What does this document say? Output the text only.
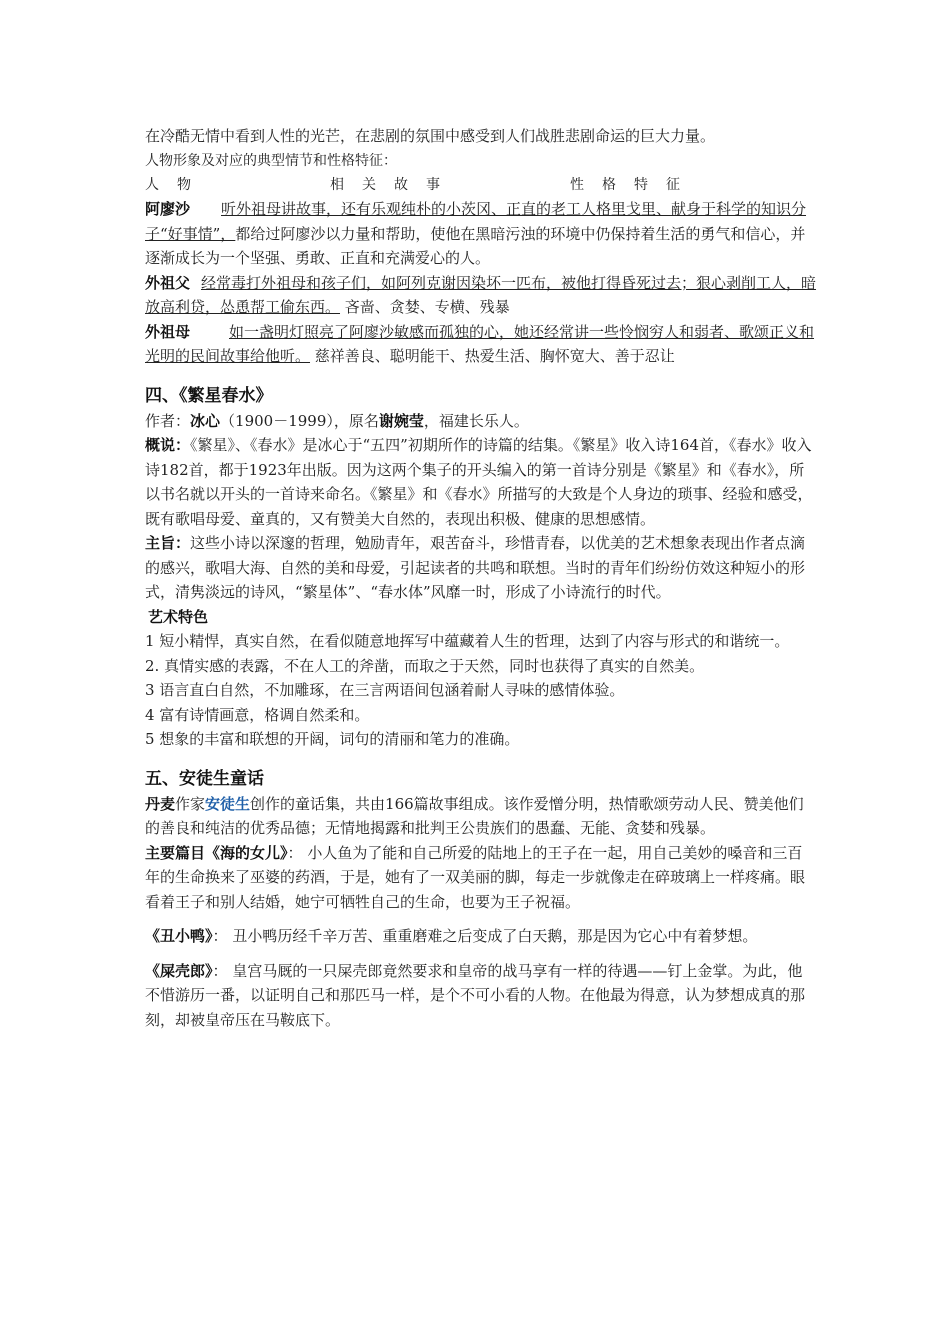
在冷酷无情中看到人性的光芒，在悲剧的氛围中感受到人们战胜悲剧命运的巨大力量。

人物形象及对应的典型情节和性格特征：

人物	相关故事	性格特征

阿廖沙 听外祖母讲故事，还有乐观纯朴的小茨冈、正直的老工人格里戈里、献身于科学的知识分子“好事情”，都给过阿廖沙以力量和帮助，使他在黑暗污浊的环境中仍保持着生活的勇气和信心，并逐渐成长为一个坚强、勇敢、正直和充满爱心的人。

外祖父 经常毒打外祖母和孩子们，如阿列克谢因染坏一匹布，被他打得昏死过去；狠心剥削工人，暗放高利贷，怂恿帮工偷东西。 吝啬、贪婪、专横、残暴

外祖母	如一盏明灯照亮了阿廖沙敏感而孤独的心，她还经常讲一些怜悯穷人和弱者、歌颂正义和光明的民间故事给他听。 慈祥善良、聪明能干、热爱生活、胸怀宽大、善于忍让

四、《繁星春水》

作者：冰心（1900－1999），原名谢婉莹，福建长乐人。

概说：《繁星》、《春水》是冰心于“五四”初期所作的诗篇的结集。《繁星》收入诗164首，《春水》收入诗182首，都于1923年出版。因为这两个集子的开头编入的第一首诗分别是《繁星》和《春水》，所以书名就以开头的一首诗来命名。《繁星》和《春水》所描写的大致是个人身边的琐事、经验和感受，既有歌唱母爱、童真的，又有赞美大自然的，表现出积极、健康的思想感情。

主旨：这些小诗以深邃的哲理，勉励青年，艰苦奋斗，珍惜青春，以优美的艺术想象表现出作者点滴的感兴，歌唱大海、自然的美和母爱，引起读者的共鸣和联想。当时的青年们纷纷仿效这种短小的形式，清隽淡远的诗风，“繁星体”、“春水体”风靡一时，形成了小诗流行的时代。

艺术特色

1 短小精悍，真实自然，在看似随意地挥写中蕴藏着人生的哲理，达到了内容与形式的和谐统一。

2. 真情实感的表露，不在人工的斧凿，而取之于天然，同时也获得了真实的自然美。

3 语言直白自然，不加雕琢，在三言两语间包涵着耐人寻味的感情体验。

4 富有诗情画意，格调自然柔和。

5 想象的丰富和联想的开阔，词句的清丽和笔力的准确。

五、安徒生童话

丹麦作家安徒生创作的童话集，共由166篇故事组成。该作爱憎分明，热情歌颂劳动人民、赞美他们的善良和纯洁的优秀品德；无情地揭露和批判王公贵族们的愚蠢、无能、贪婪和残暴。

主要篇目《海的女儿》： 小人鱼为了能和自己所爱的陆地上的王子在一起，用自己美妙的嗓音和三百年的生命换来了巫婆的药酒，于是，她有了一双美丽的脚，每走一步就像走在碎玻璃上一样疼痛。眼看着王子和别人结婚，她宁可牺牲自己的生命，也要为王子祝福。

《丑小鸭》： 丑小鸭历经千辛万苦、重重磨难之后变成了白天鹅，那是因为它心中有着梦想。

《屎壳郎》： 皇宫马厩的一只屎壳郎竟然要求和皇帝的战马享有一样的待遇——钉上金掌。为此，他不惜游历一番，以证明自己和那匹马一样，是个不可小看的人物。在他最为得意，认为梦想成真的那刻，却被皇帝压在马鞍底下。
